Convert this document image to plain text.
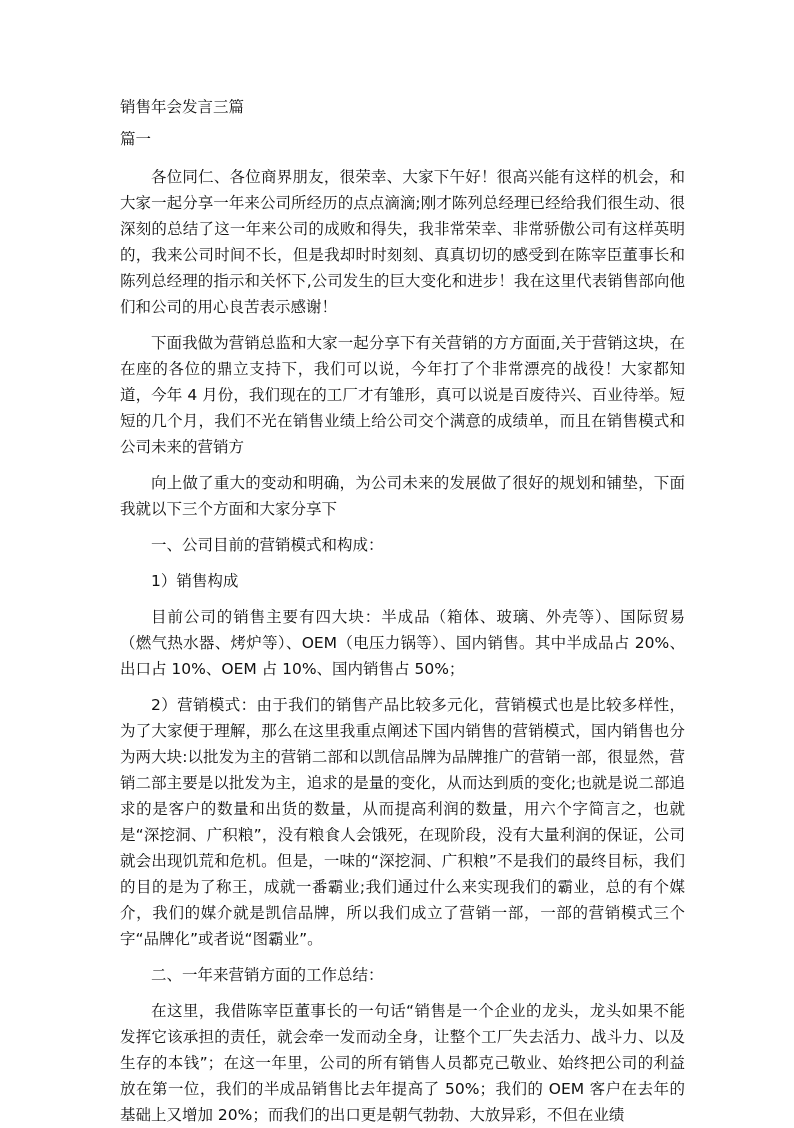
销售年会发言三篇
篇一

各位同仁、各位商界朋友，很荣幸、大家下午好！很高兴能有这样的机会，和大家一起分享一年来公司所经历的点点滴滴;刚才陈列总经理已经给我们很生动、很深刻的总结了这一年来公司的成败和得失，我非常荣幸、非常骄傲公司有这样英明的，我来公司时间不长，但是我却时时刻刻、真真切切的感受到在陈宰臣董事长和陈列总经理的指示和关怀下,公司发生的巨大变化和进步！我在这里代表销售部向他们和公司的用心良苦表示感谢！

下面我做为营销总监和大家一起分享下有关营销的方方面面,关于营销这块，在在座的各位的鼎立支持下，我们可以说，今年打了个非常漂亮的战役！大家都知道，今年 4 月份，我们现在的工厂才有雏形，真可以说是百废待兴、百业待举。短短的几个月，我们不光在销售业绩上给公司交个满意的成绩单，而且在销售模式和公司未来的营销方

向上做了重大的变动和明确，为公司未来的发展做了很好的规划和铺垫，下面我就以下三个方面和大家分享下

一、公司目前的营销模式和构成：

1）销售构成

目前公司的销售主要有四大块：半成品（箱体、玻璃、外壳等）、国际贸易（燃气热水器、烤炉等）、OEM（电压力锅等）、国内销售。其中半成品占 20%、出口占 10%、OEM 占 10%、国内销售占 50%；

2）营销模式：由于我们的销售产品比较多元化，营销模式也是比较多样性，为了大家便于理解，那么在这里我重点阐述下国内销售的营销模式，国内销售也分为两大块:以批发为主的营销二部和以凯信品牌为品牌推广的营销一部，很显然，营销二部主要是以批发为主，追求的是量的变化，从而达到质的变化;也就是说二部追求的是客户的数量和出货的数量，从而提高利润的数量，用六个字简言之，也就是“深挖洞、广积粮”，没有粮食人会饿死，在现阶段，没有大量利润的保证，公司就会出现饥荒和危机。但是，一味的“深挖洞、广积粮”不是我们的最终目标，我们的目的是为了称王，成就一番霸业;我们通过什么来实现我们的霸业，总的有个媒介，我们的媒介就是凯信品牌，所以我们成立了营销一部，一部的营销模式三个字“品牌化”或者说“图霸业”。

二、一年来营销方面的工作总结：

在这里，我借陈宰臣董事长的一句话“销售是一个企业的龙头，龙头如果不能发挥它该承担的责任，就会牵一发而动全身，让整个工厂失去活力、战斗力、以及生存的本钱”；在这一年里，公司的所有销售人员都克己敬业、始终把公司的利益放在第一位，我们的半成品销售比去年提高了 50%；我们的 OEM 客户在去年的基础上又增加 20%；而我们的出口更是朝气勃勃、大放异彩，不但在业绩
